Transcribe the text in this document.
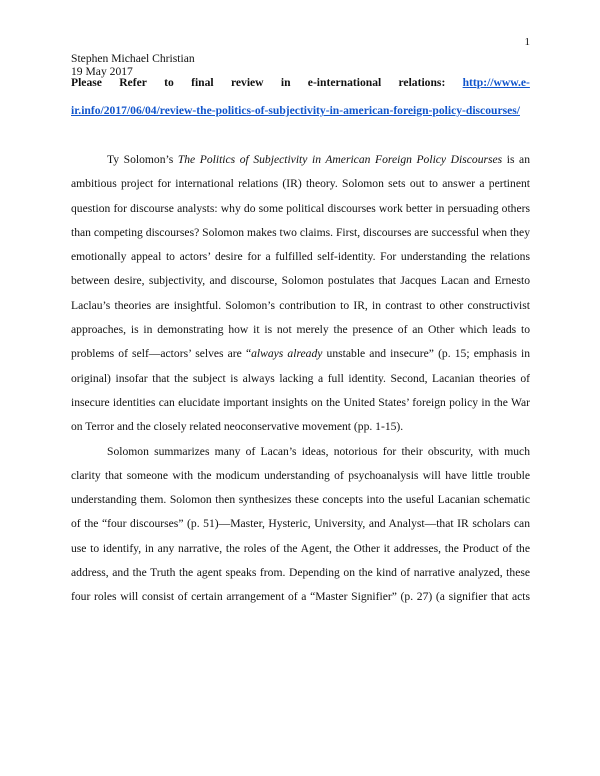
1
Stephen Michael Christian
19 May 2017
Please Refer to final review in e-international relations: http://www.e-
ir.info/2017/06/04/review-the-politics-of-subjectivity-in-american-foreign-policy-discourses/

Ty Solomon’s The Politics of Subjectivity in American Foreign Policy Discourses is an
ambitious project for international relations (IR) theory. Solomon sets out to answer a pertinent
question for discourse analysts: why do some political discourses work better in persuading others
than competing discourses? Solomon makes two claims. First, discourses are successful when they
emotionally appeal to actors’ desire for a fulfilled self-identity. For understanding the relations
between desire, subjectivity, and discourse, Solomon postulates that Jacques Lacan and Ernesto
Laclau’s theories are insightful. Solomon’s contribution to IR, in contrast to other constructivist
approaches, is in demonstrating how it is not merely the presence of an Other which leads to
problems of self—actors’ selves are “always already unstable and insecure” (p. 15; emphasis in
original) insofar that the subject is always lacking a full identity. Second, Lacanian theories of
insecure identities can elucidate important insights on the United States’ foreign policy in the War
on Terror and the closely related neoconservative movement (pp. 1-15).

Solomon summarizes many of Lacan’s ideas, notorious for their obscurity, with much
clarity that someone with the modicum understanding of psychoanalysis will have little trouble
understanding them. Solomon then synthesizes these concepts into the useful Lacanian schematic
of the “four discourses” (p. 51)—Master, Hysteric, University, and Analyst—that IR scholars can
use to identify, in any narrative, the roles of the Agent, the Other it addresses, the Product of the
address, and the Truth the agent speaks from. Depending on the kind of narrative analyzed, these
four roles will consist of certain arrangement of a “Master Signifier” (p. 27) (a signifier that acts
